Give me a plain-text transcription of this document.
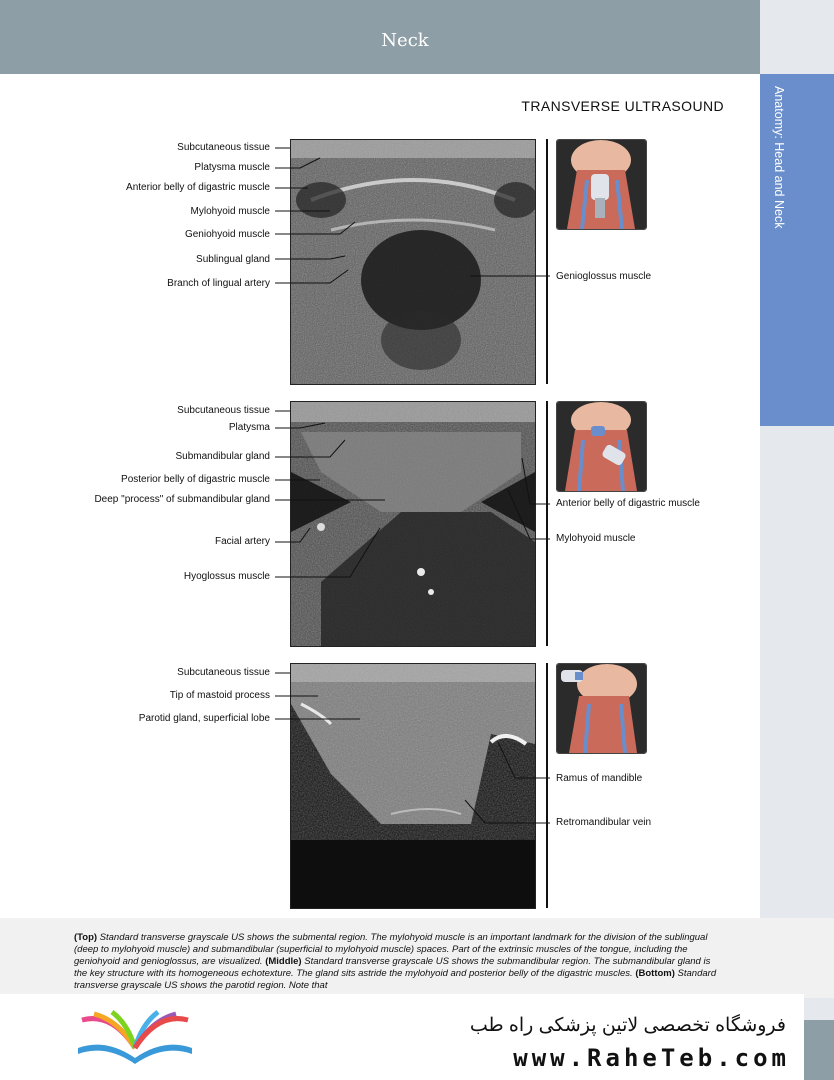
Neck
Anatomy: Head and Neck
TRANSVERSE ULTRASOUND
Subcutaneous tissue
Platysma muscle
Anterior belly of digastric muscle
Mylohyoid muscle
Geniohyoid muscle
Sublingual gland
Branch of lingual artery
Genioglossus muscle
Subcutaneous tissue
Platysma
Submandibular gland
Posterior belly of digastric muscle
Deep "process" of submandibular gland
Facial artery
Hyoglossus muscle
Anterior belly of digastric muscle
Mylohyoid muscle
Subcutaneous tissue
Tip of mastoid process
Parotid gland, superficial lobe
Ramus of mandible
Retromandibular vein
(Top) Standard transverse grayscale US shows the submental region. The mylohyoid muscle is an important landmark for the division of the sublingual (deep to mylohyoid muscle) and submandibular (superficial to mylohyoid muscle) spaces. Part of the extrinsic muscles of the tongue, including the geniohyoid and genioglossus, are visualized. (Middle) Standard transverse grayscale US shows the submandibular region. The submandibular gland is the key structure with its homogeneous echotexture. The gland sits astride the mylohyoid and posterior belly of the digastric muscles. (Bottom) Standard transverse grayscale US shows the parotid region. Note that
فروشگاه تخصصی لاتین پزشکی راه طب
www.RaheTeb.com
